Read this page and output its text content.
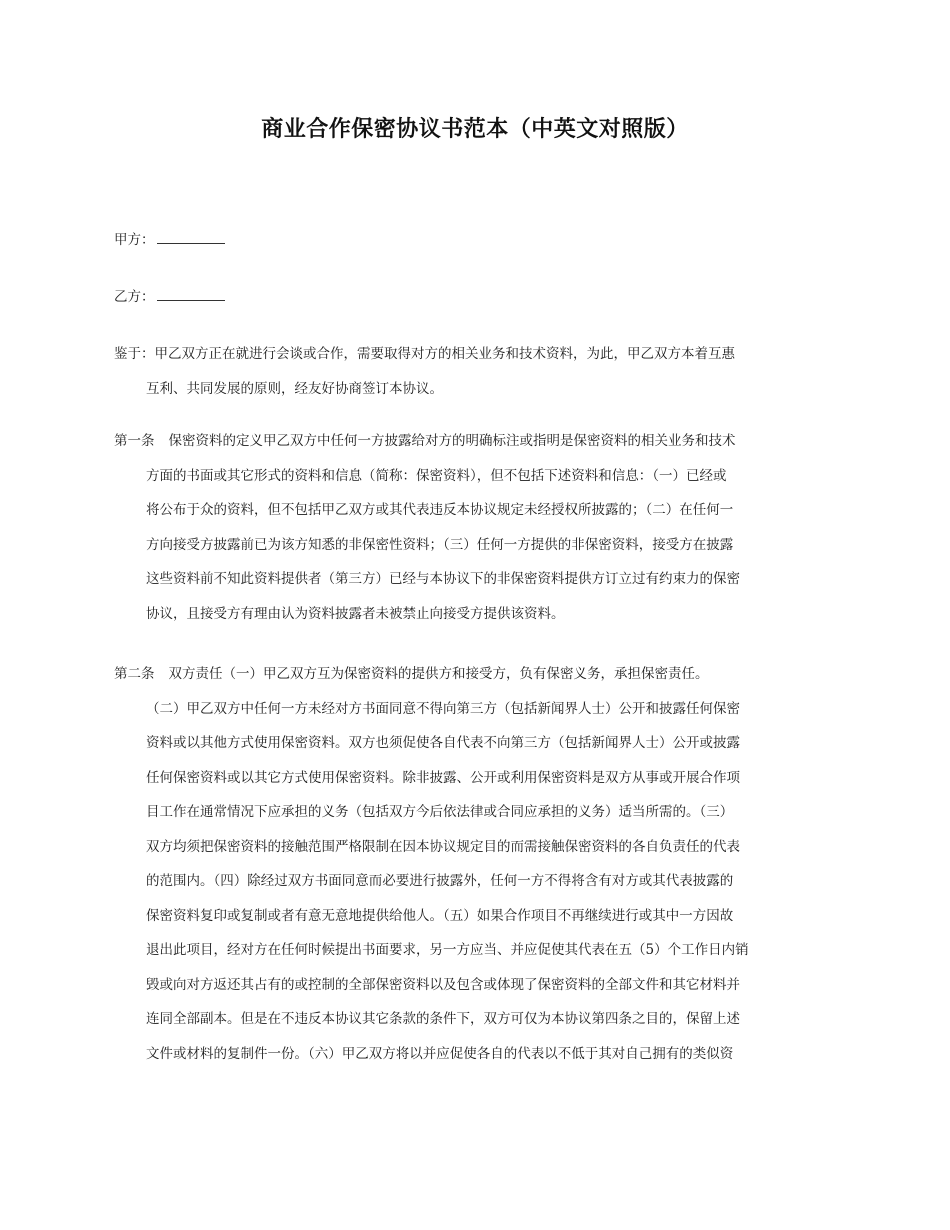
商业合作保密协议书范本（中英文对照版）
甲方：
乙方：
鉴于：甲乙双方正在就进行会谈或合作，需要取得对方的相关业务和技术资料，为此，甲乙双方本着互惠
互利、共同发展的原则，经友好协商签订本协议。
第一条 保密资料的定义甲乙双方中任何一方披露给对方的明确标注或指明是保密资料的相关业务和技术
方面的书面或其它形式的资料和信息（简称：保密资料），但不包括下述资料和信息：（一）已经或
将公布于众的资料，但不包括甲乙双方或其代表违反本协议规定未经授权所披露的；（二）在任何一
方向接受方披露前已为该方知悉的非保密性资料；（三）任何一方提供的非保密资料，接受方在披露
这些资料前不知此资料提供者（第三方）已经与本协议下的非保密资料提供方订立过有约束力的保密
协议，且接受方有理由认为资料披露者未被禁止向接受方提供该资料。
第二条 双方责任（一）甲乙双方互为保密资料的提供方和接受方，负有保密义务，承担保密责任。
（二）甲乙双方中任何一方未经对方书面同意不得向第三方（包括新闻界人士）公开和披露任何保密
资料或以其他方式使用保密资料。双方也须促使各自代表不向第三方（包括新闻界人士）公开或披露
任何保密资料或以其它方式使用保密资料。除非披露、公开或利用保密资料是双方从事或开展合作项
目工作在通常情况下应承担的义务（包括双方今后依法律或合同应承担的义务）适当所需的。（三）
双方均须把保密资料的接触范围严格限制在因本协议规定目的而需接触保密资料的各自负责任的代表
的范围内。（四）除经过双方书面同意而必要进行披露外，任何一方不得将含有对方或其代表披露的
保密资料复印或复制或者有意无意地提供给他人。（五）如果合作项目不再继续进行或其中一方因故
退出此项目，经对方在任何时候提出书面要求，另一方应当、并应促使其代表在五（5）个工作日内销
毁或向对方返还其占有的或控制的全部保密资料以及包含或体现了保密资料的全部文件和其它材料并
连同全部副本。但是在不违反本协议其它条款的条件下，双方可仅为本协议第四条之目的，保留上述
文件或材料的复制件一份。（六）甲乙双方将以并应促使各自的代表以不低于其对自己拥有的类似资
